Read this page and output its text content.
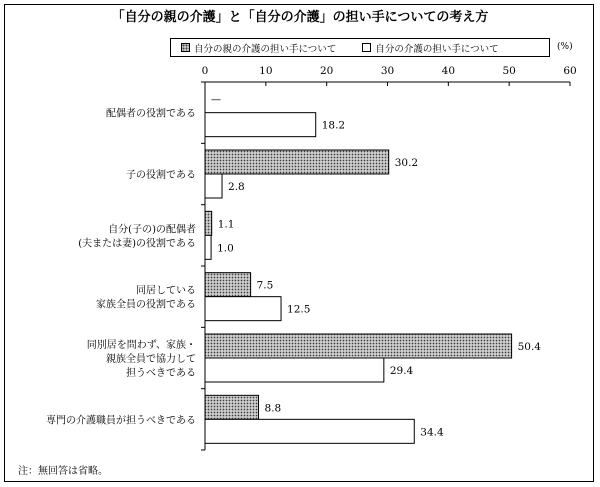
「自分の親の介護」と「自分の介護」の担い手についての考え方
自分の親の介護の担い手について	自分の介護の担い手について	(%)
0	10	20	30	40	50	60
配偶者の役割である
—
18.2
子の役割である
30.2
2.8
自分(子の)の配偶者
(夫または妻)の役割である
1.1
1.0
同居している
家族全員の役割である
7.5
12.5
同別居を問わず、家族・
親族全員で協力して
担うべきである
50.4
29.4
専門の介護職員が担うべきである
8.8
34.4
注：無回答は省略。
